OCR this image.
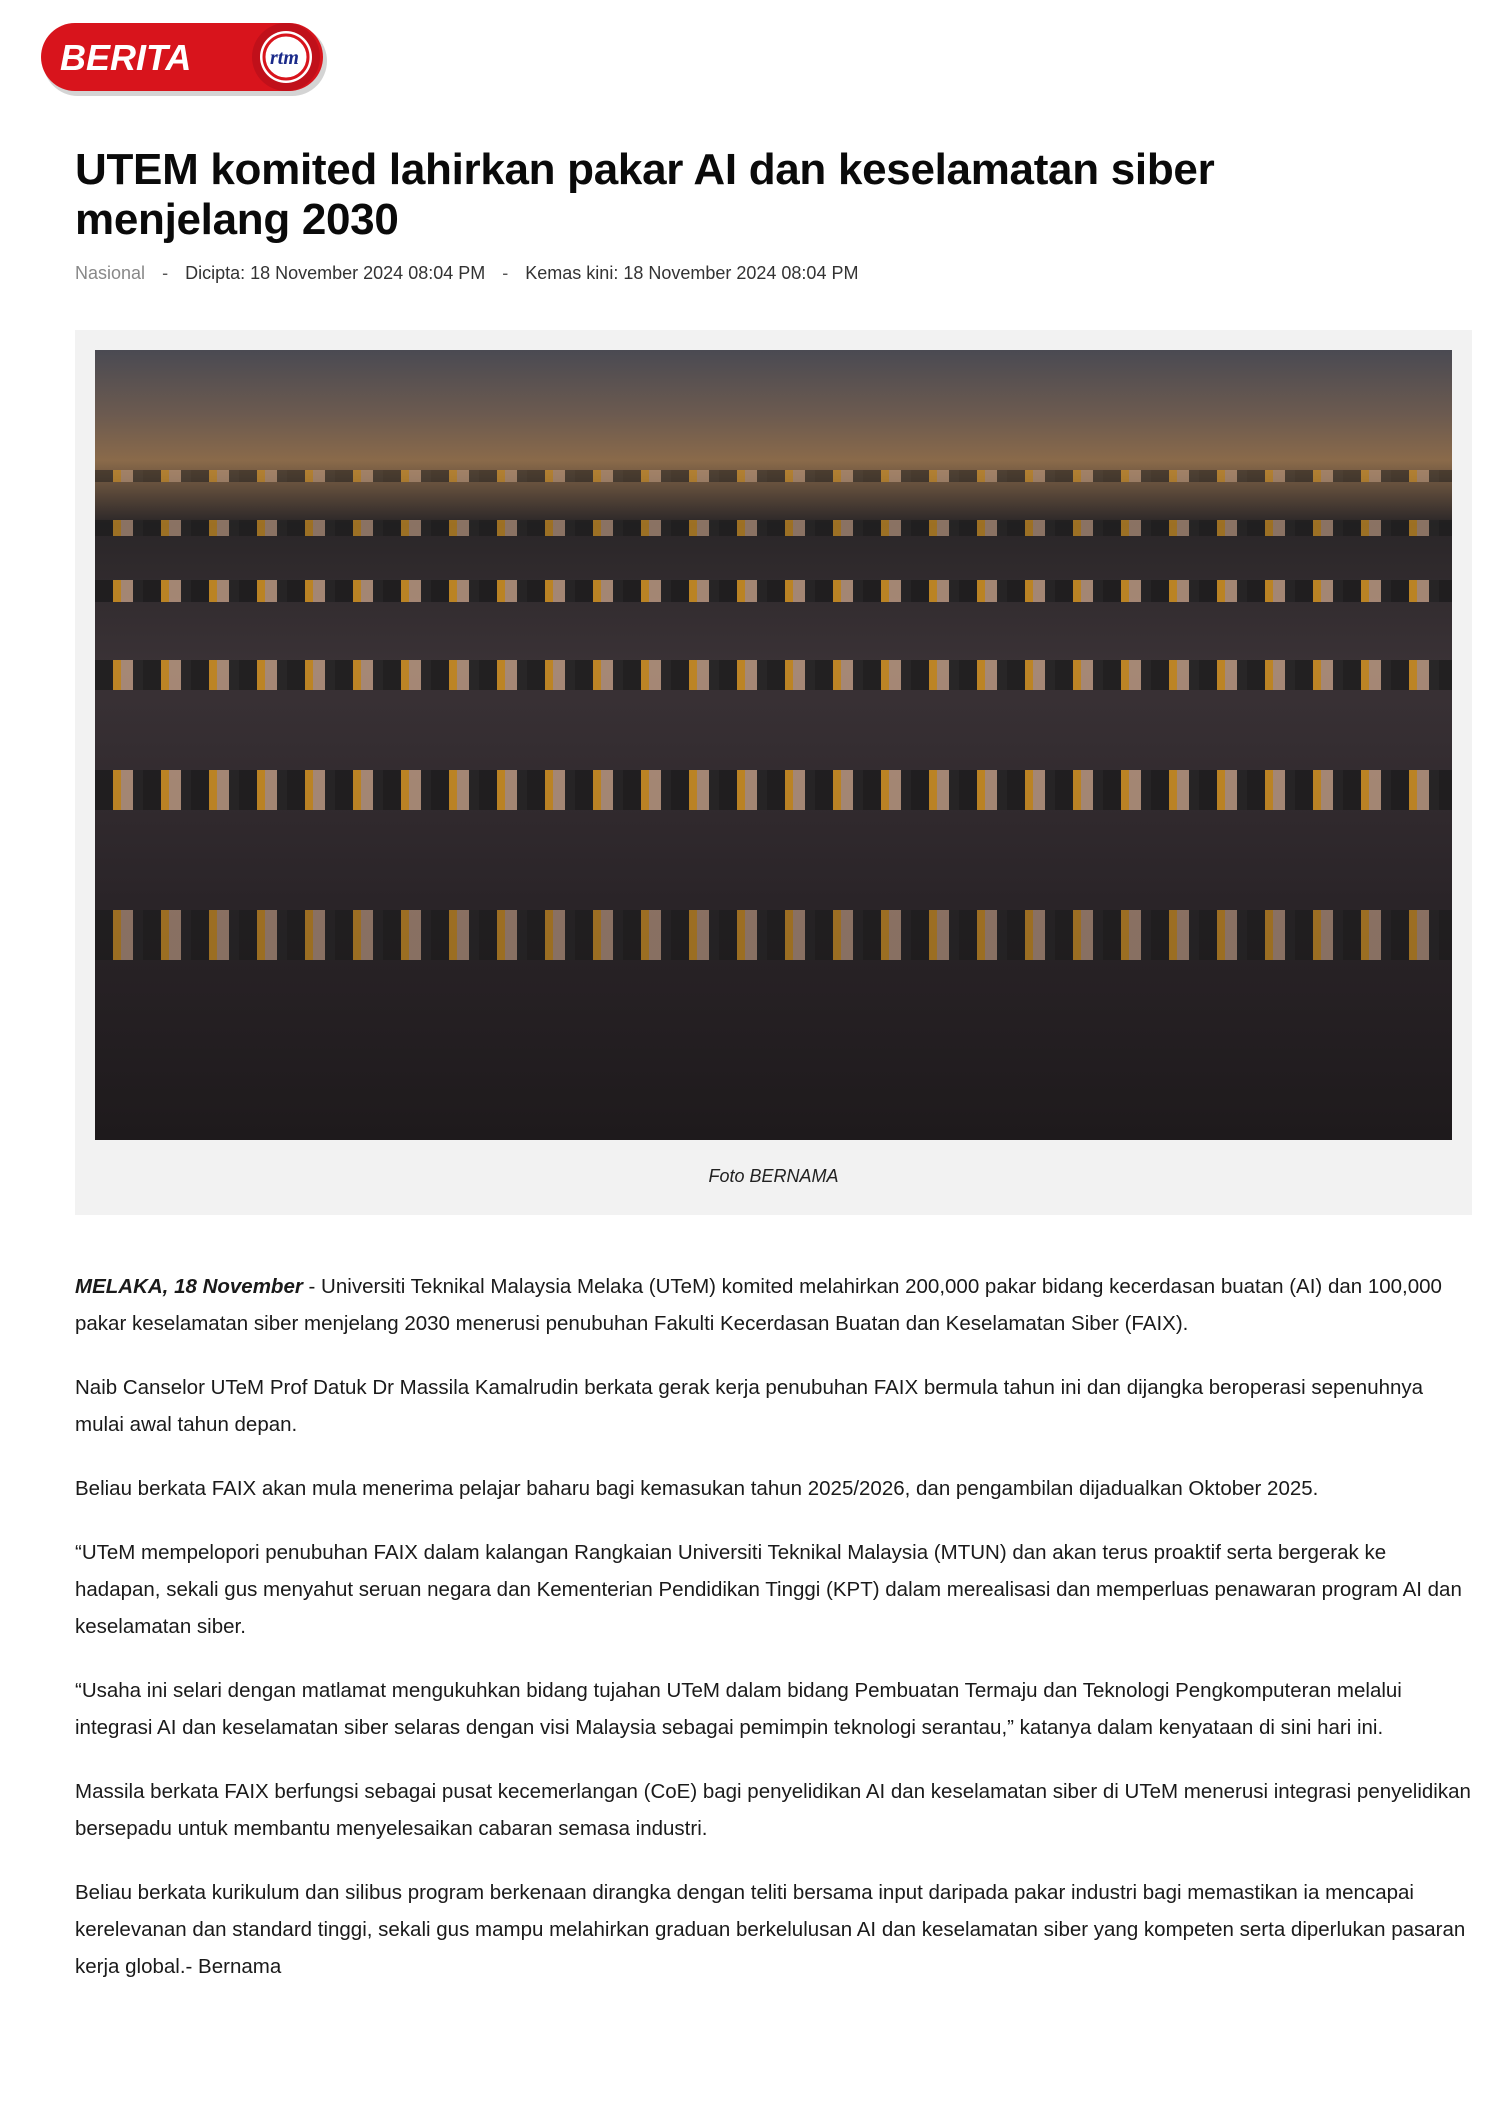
BERITA	rtm
UTEM komited lahirkan pakar AI dan keselamatan siber menjelang 2030
Nasional - Dicipta: 18 November 2024 08:04 PM - Kemas kini: 18 November 2024 08:04 PM
Foto BERNAMA

MELAKA, 18 November - Universiti Teknikal Malaysia Melaka (UTeM) komited melahirkan 200,000 pakar bidang kecerdasan buatan (AI) dan 100,000 pakar keselamatan siber menjelang 2030 menerusi penubuhan Fakulti Kecerdasan Buatan dan Keselamatan Siber (FAIX).

Naib Canselor UTeM Prof Datuk Dr Massila Kamalrudin berkata gerak kerja penubuhan FAIX bermula tahun ini dan dijangka beroperasi sepenuhnya mulai awal tahun depan.

Beliau berkata FAIX akan mula menerima pelajar baharu bagi kemasukan tahun 2025/2026, dan pengambilan dijadualkan Oktober 2025.

“UTeM mempelopori penubuhan FAIX dalam kalangan Rangkaian Universiti Teknikal Malaysia (MTUN) dan akan terus proaktif serta bergerak ke hadapan, sekali gus menyahut seruan negara dan Kementerian Pendidikan Tinggi (KPT) dalam merealisasi dan memperluas penawaran program AI dan keselamatan siber.

“Usaha ini selari dengan matlamat mengukuhkan bidang tujahan UTeM dalam bidang Pembuatan Termaju dan Teknologi Pengkomputeran melalui integrasi AI dan keselamatan siber selaras dengan visi Malaysia sebagai pemimpin teknologi serantau,” katanya dalam kenyataan di sini hari ini.

Massila berkata FAIX berfungsi sebagai pusat kecemerlangan (CoE) bagi penyelidikan AI dan keselamatan siber di UTeM menerusi integrasi penyelidikan bersepadu untuk membantu menyelesaikan cabaran semasa industri.

Beliau berkata kurikulum dan silibus program berkenaan dirangka dengan teliti bersama input daripada pakar industri bagi memastikan ia mencapai kerelevanan dan standard tinggi, sekali gus mampu melahirkan graduan berkelulusan AI dan keselamatan siber yang kompeten serta diperlukan pasaran kerja global.- Bernama
